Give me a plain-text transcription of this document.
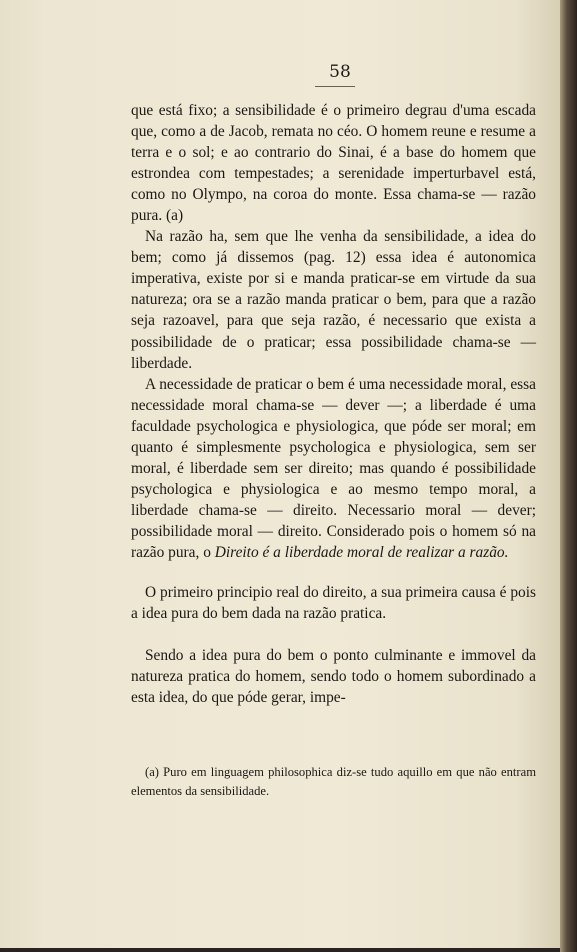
58

que está fixo; a sensibilidade é o primeiro degrau d'uma escada que, como a de Jacob, remata no céo. O homem reune e resume a terra e o sol; e ao contrario do Sinai, é a base do homem que estrondea com tempestades; a serenidade imperturbavel está, como no Olympo, na coroa do monte. Essa chama-se — razão pura. (a)

Na razão ha, sem que lhe venha da sensibilidade, a idea do bem; como já dissemos (pag. 12) essa idea é autonomica imperativa, existe por si e manda praticar-se em virtude da sua natureza; ora se a razão manda praticar o bem, para que a razão seja razoavel, para que seja razão, é necessario que exista a possibilidade de o praticar; essa possibilidade chama-se — liberdade.

A necessidade de praticar o bem é uma necessidade moral, essa necessidade moral chama-se — dever —; a liberdade é uma faculdade psychologica e physiologica, que póde ser moral; em quanto é simplesmente psychologica e physiologica, sem ser moral, é liberdade sem ser direito; mas quando é possibilidade psychologica e physiologica e ao mesmo tempo moral, a liberdade chama-se — direito. Necessario moral — dever; possibilidade moral — direito. Considerado pois o homem só na razão pura, o Direito é a liberdade moral de realizar a razão.

O primeiro principio real do direito, a sua primeira causa é pois a idea pura do bem dada na razão pratica.

Sendo a idea pura do bem o ponto culminante e immovel da natureza pratica do homem, sendo todo o homem subordinado a esta idea, do que póde gerar, impe-

(a) Puro em linguagem philosophica diz-se tudo aquillo em que não entram elementos da sensibilidade.
